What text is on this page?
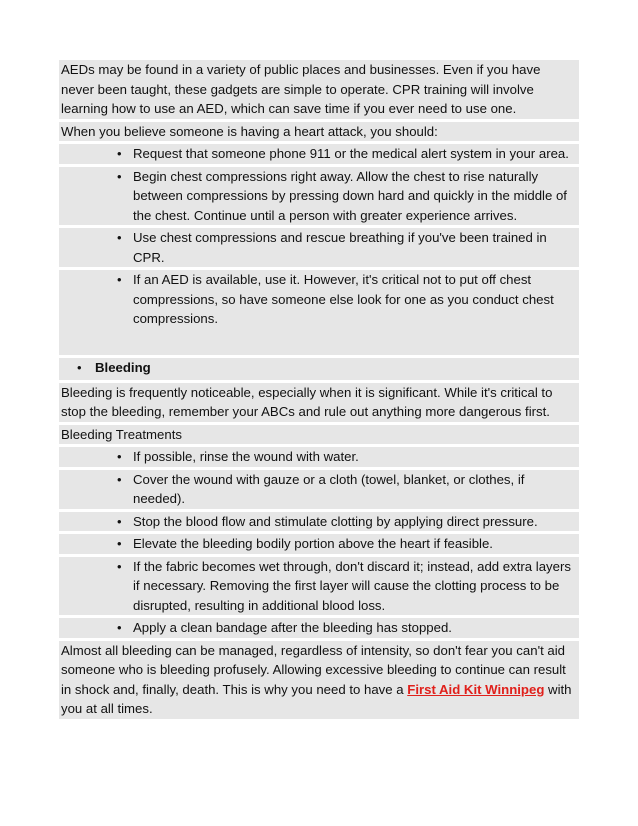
AEDs may be found in a variety of public places and businesses. Even if you have never been taught, these gadgets are simple to operate. CPR training will involve learning how to use an AED, which can save time if you ever need to use one.

When you believe someone is having a heart attack, you should:

• Request that someone phone 911 or the medical alert system in your area.
• Begin chest compressions right away. Allow the chest to rise naturally between compressions by pressing down hard and quickly in the middle of the chest. Continue until a person with greater experience arrives.
• Use chest compressions and rescue breathing if you've been trained in CPR.
• If an AED is available, use it. However, it's critical not to put off chest compressions, so have someone else look for one as you conduct chest compressions.
• Bleeding

Bleeding is frequently noticeable, especially when it is significant. While it's critical to stop the bleeding, remember your ABCs and rule out anything more dangerous first.

Bleeding Treatments

• If possible, rinse the wound with water.
• Cover the wound with gauze or a cloth (towel, blanket, or clothes, if needed).
• Stop the blood flow and stimulate clotting by applying direct pressure.
• Elevate the bleeding bodily portion above the heart if feasible.
• If the fabric becomes wet through, don't discard it; instead, add extra layers if necessary. Removing the first layer will cause the clotting process to be disrupted, resulting in additional blood loss.
• Apply a clean bandage after the bleeding has stopped.

Almost all bleeding can be managed, regardless of intensity, so don't fear you can't aid someone who is bleeding profusely. Allowing excessive bleeding to continue can result in shock and, finally, death. This is why you need to have a First Aid Kit Winnipeg with you at all times.
